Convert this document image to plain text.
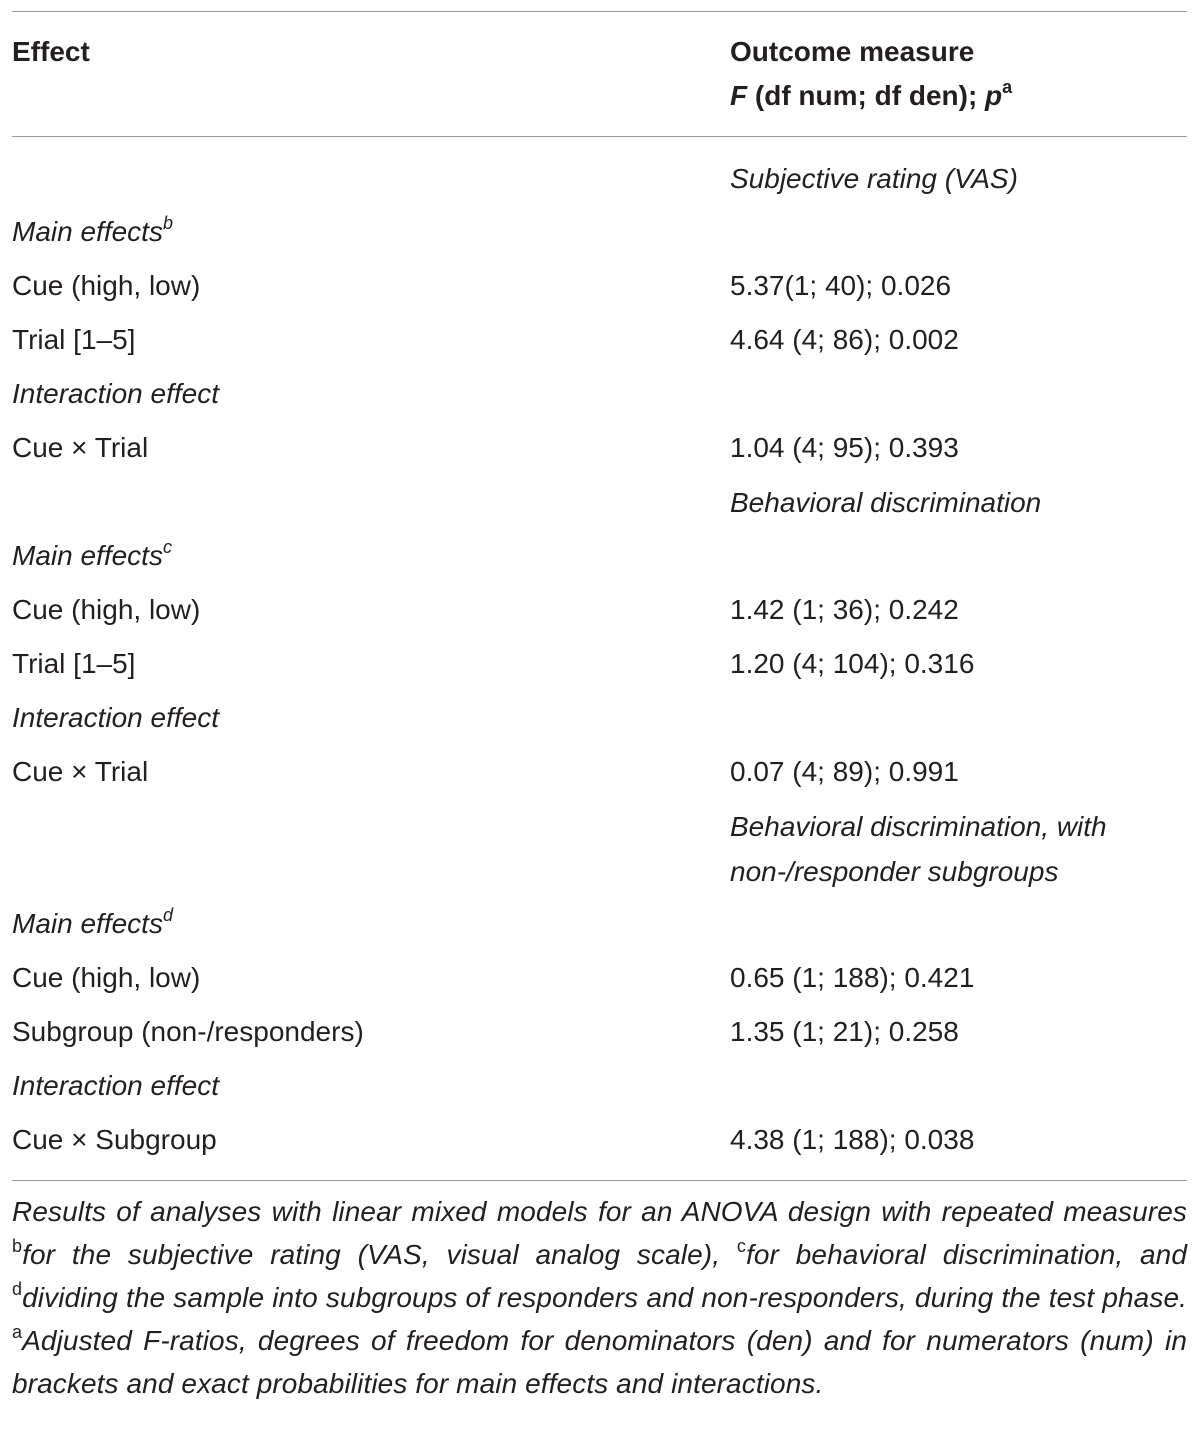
Effect	Outcome measure
F (df num; df den); $p^a$
Subjective rating (VAS)
Main effects$^b$
Cue (high, low)	5.37(1; 40); 0.026
Trial [1–5]	4.64 (4; 86); 0.002
Interaction effect
Cue × Trial	1.04 (4; 95); 0.393
Behavioral discrimination
Main effects$^c$
Cue (high, low)	1.42 (1; 36); 0.242
Trial [1–5]	1.20 (4; 104); 0.316
Interaction effect
Cue × Trial	0.07 (4; 89); 0.991
Behavioral discrimination, with
non-/responder subgroups
Main effects$^d$
Cue (high, low)	0.65 (1; 188); 0.421
Subgroup (non-/responders)	1.35 (1; 21); 0.258
Interaction effect
Cue × Subgroup	4.38 (1; 188); 0.038
Results of analyses with linear mixed models for an ANOVA design with repeated measures $^b$for the subjective rating (VAS, visual analog scale), $^c$for behavioral discrimination, and $^d$dividing the sample into subgroups of responders and non-responders, during the test phase. $^a$Adjusted F-ratios, degrees of freedom for denominators (den) and for numerators (num) in brackets and exact probabilities for main effects and interactions.
